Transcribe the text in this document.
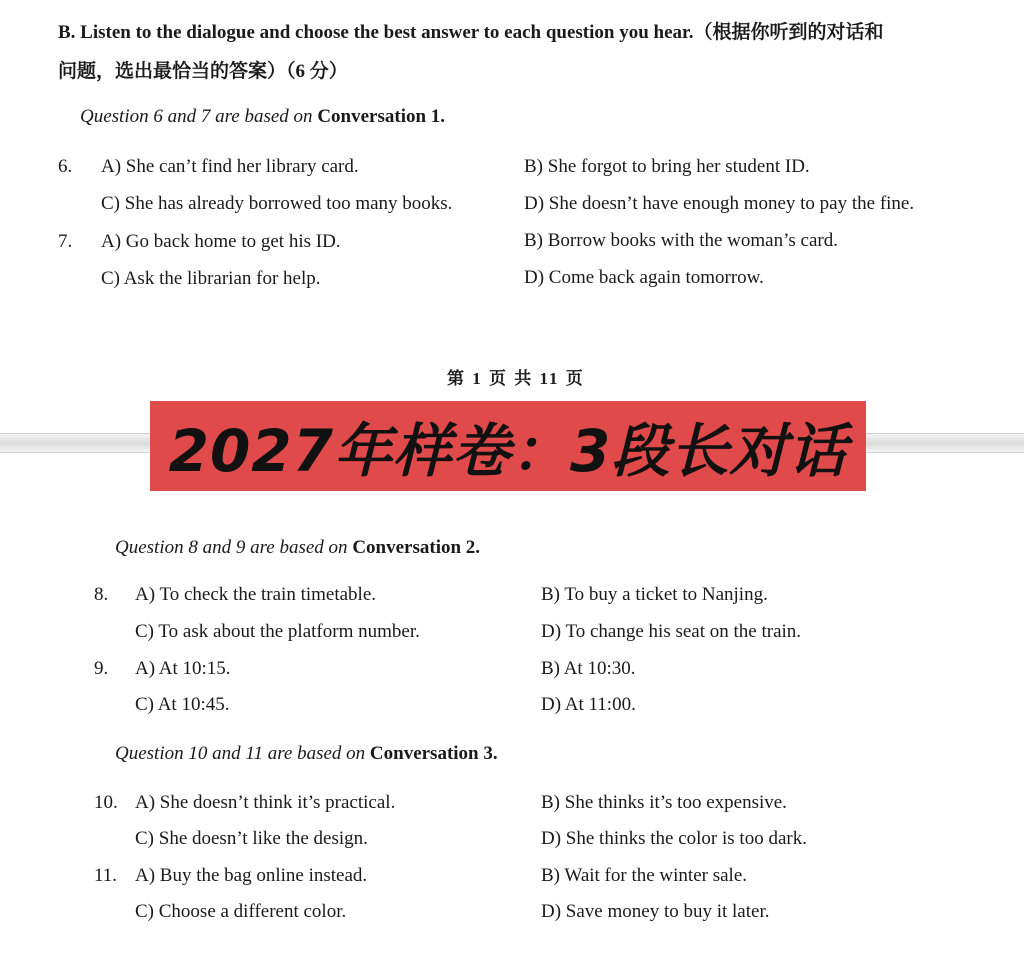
B. Listen to the dialogue and choose the best answer to each question you hear.（根据你听到的对话和
问题，选出最恰当的答案）（6 分）
Question 6 and 7 are based on Conversation 1.
6. A) She can’t find her library card.	B) She forgot to bring her student ID.
C) She has already borrowed too many books.	D) She doesn’t have enough money to pay the fine.
7. A) Go back home to get his ID.	B) Borrow books with the woman’s card.
C) Ask the librarian for help.	D) Come back again tomorrow.
第 1 页 共 11 页
2027年样卷：3段长对话
Question 8 and 9 are based on Conversation 2.
8. A) To check the train timetable.	B) To buy a ticket to Nanjing.
C) To ask about the platform number.	D) To change his seat on the train.
9. A) At 10:15.	B) At 10:30.
C) At 10:45.	D) At 11:00.
Question 10 and 11 are based on Conversation 3.
10. A) She doesn’t think it’s practical.	B) She thinks it’s too expensive.
C) She doesn’t like the design.	D) She thinks the color is too dark.
11. A) Buy the bag online instead.	B) Wait for the winter sale.
C) Choose a different color.	D) Save money to buy it later.
